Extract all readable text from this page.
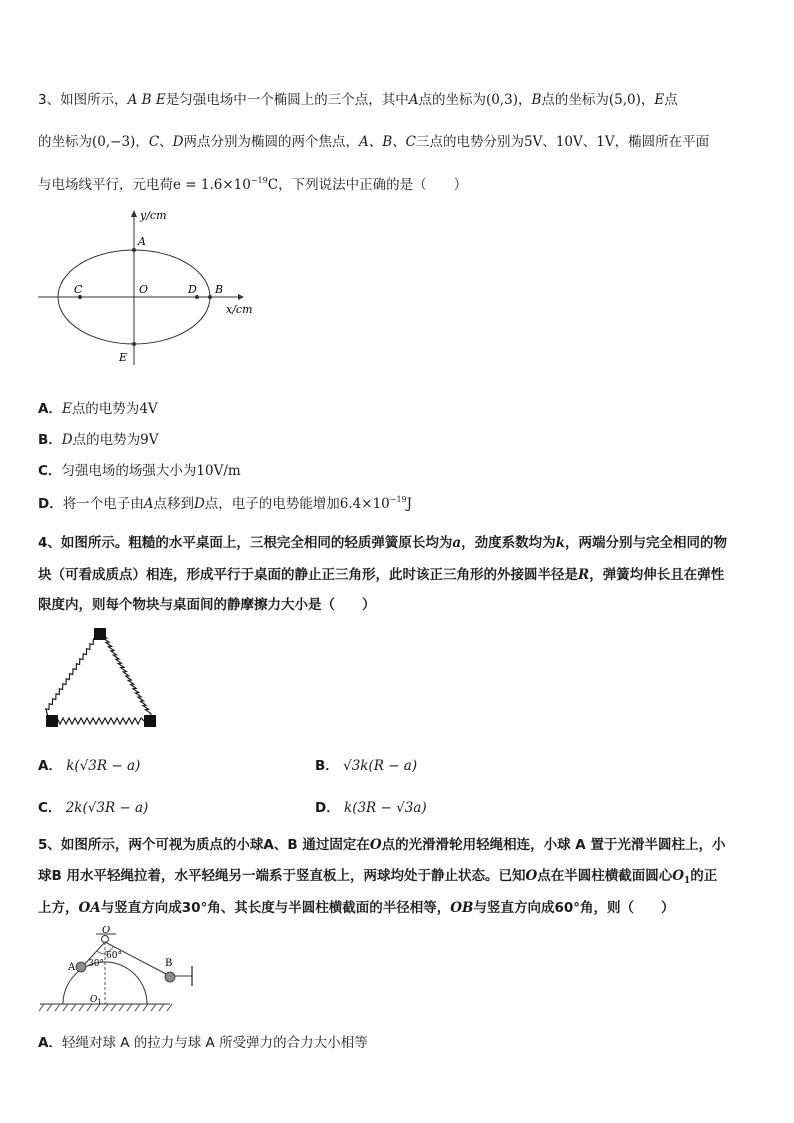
3、如图所示，A B E是匀强电场中一个椭圆上的三个点，其中A点的坐标为(0,3)，B点的坐标为(5,0)，E点
的坐标为(0,−3)，C、D两点分别为椭圆的两个焦点，A、B、C三点的电势分别为5V、10V、1V，椭圆所在平面
与电场线平行，元电荷$e = 1.6\times 10^{-19}C$，下列说法中正确的是（　　）
y/cm
x/cm
A
O
C	D B
E
A．E点的电势为4V
B．D点的电势为9V
C．匀强电场的场强大小为10V/m
D．将一个电子由A点移到D点，电子的电势能增加$6.4\times 10^{-19}J$
4、如图所示。粗糙的水平桌面上，三根完全相同的轻质弹簧原长均为a，劲度系数均为k，两端分别与完全相同的物
块（可看成质点）相连，形成平行于桌面的静止正三角形，此时该正三角形的外接圆半径是R，弹簧均伸长且在弹性
限度内，则每个物块与桌面间的静摩擦力大小是（　　）
A． k(√3R − a)	B． √3k(R − a)
C． 2k(√3R − a)	D． k(3R − √3a)
5、如图所示，两个可视为质点的小球A、B 通过固定在O点的光滑滑轮用轻绳相连，小球 A 置于光滑半圆柱上，小
球B 用水平轻绳拉着，水平轻绳另一端系于竖直板上，两球均处于静止状态。已知O点在半圆柱横截面圆心$O_1$的正
上方，OA与竖直方向成30°角、其长度与半圆柱横截面的半径相等，OB与竖直方向成60°角，则（　　）
O
A	B
30°
60°
$O_1$
A．轻绳对球 A 的拉力与球 A 所受弹力的合力大小相等
